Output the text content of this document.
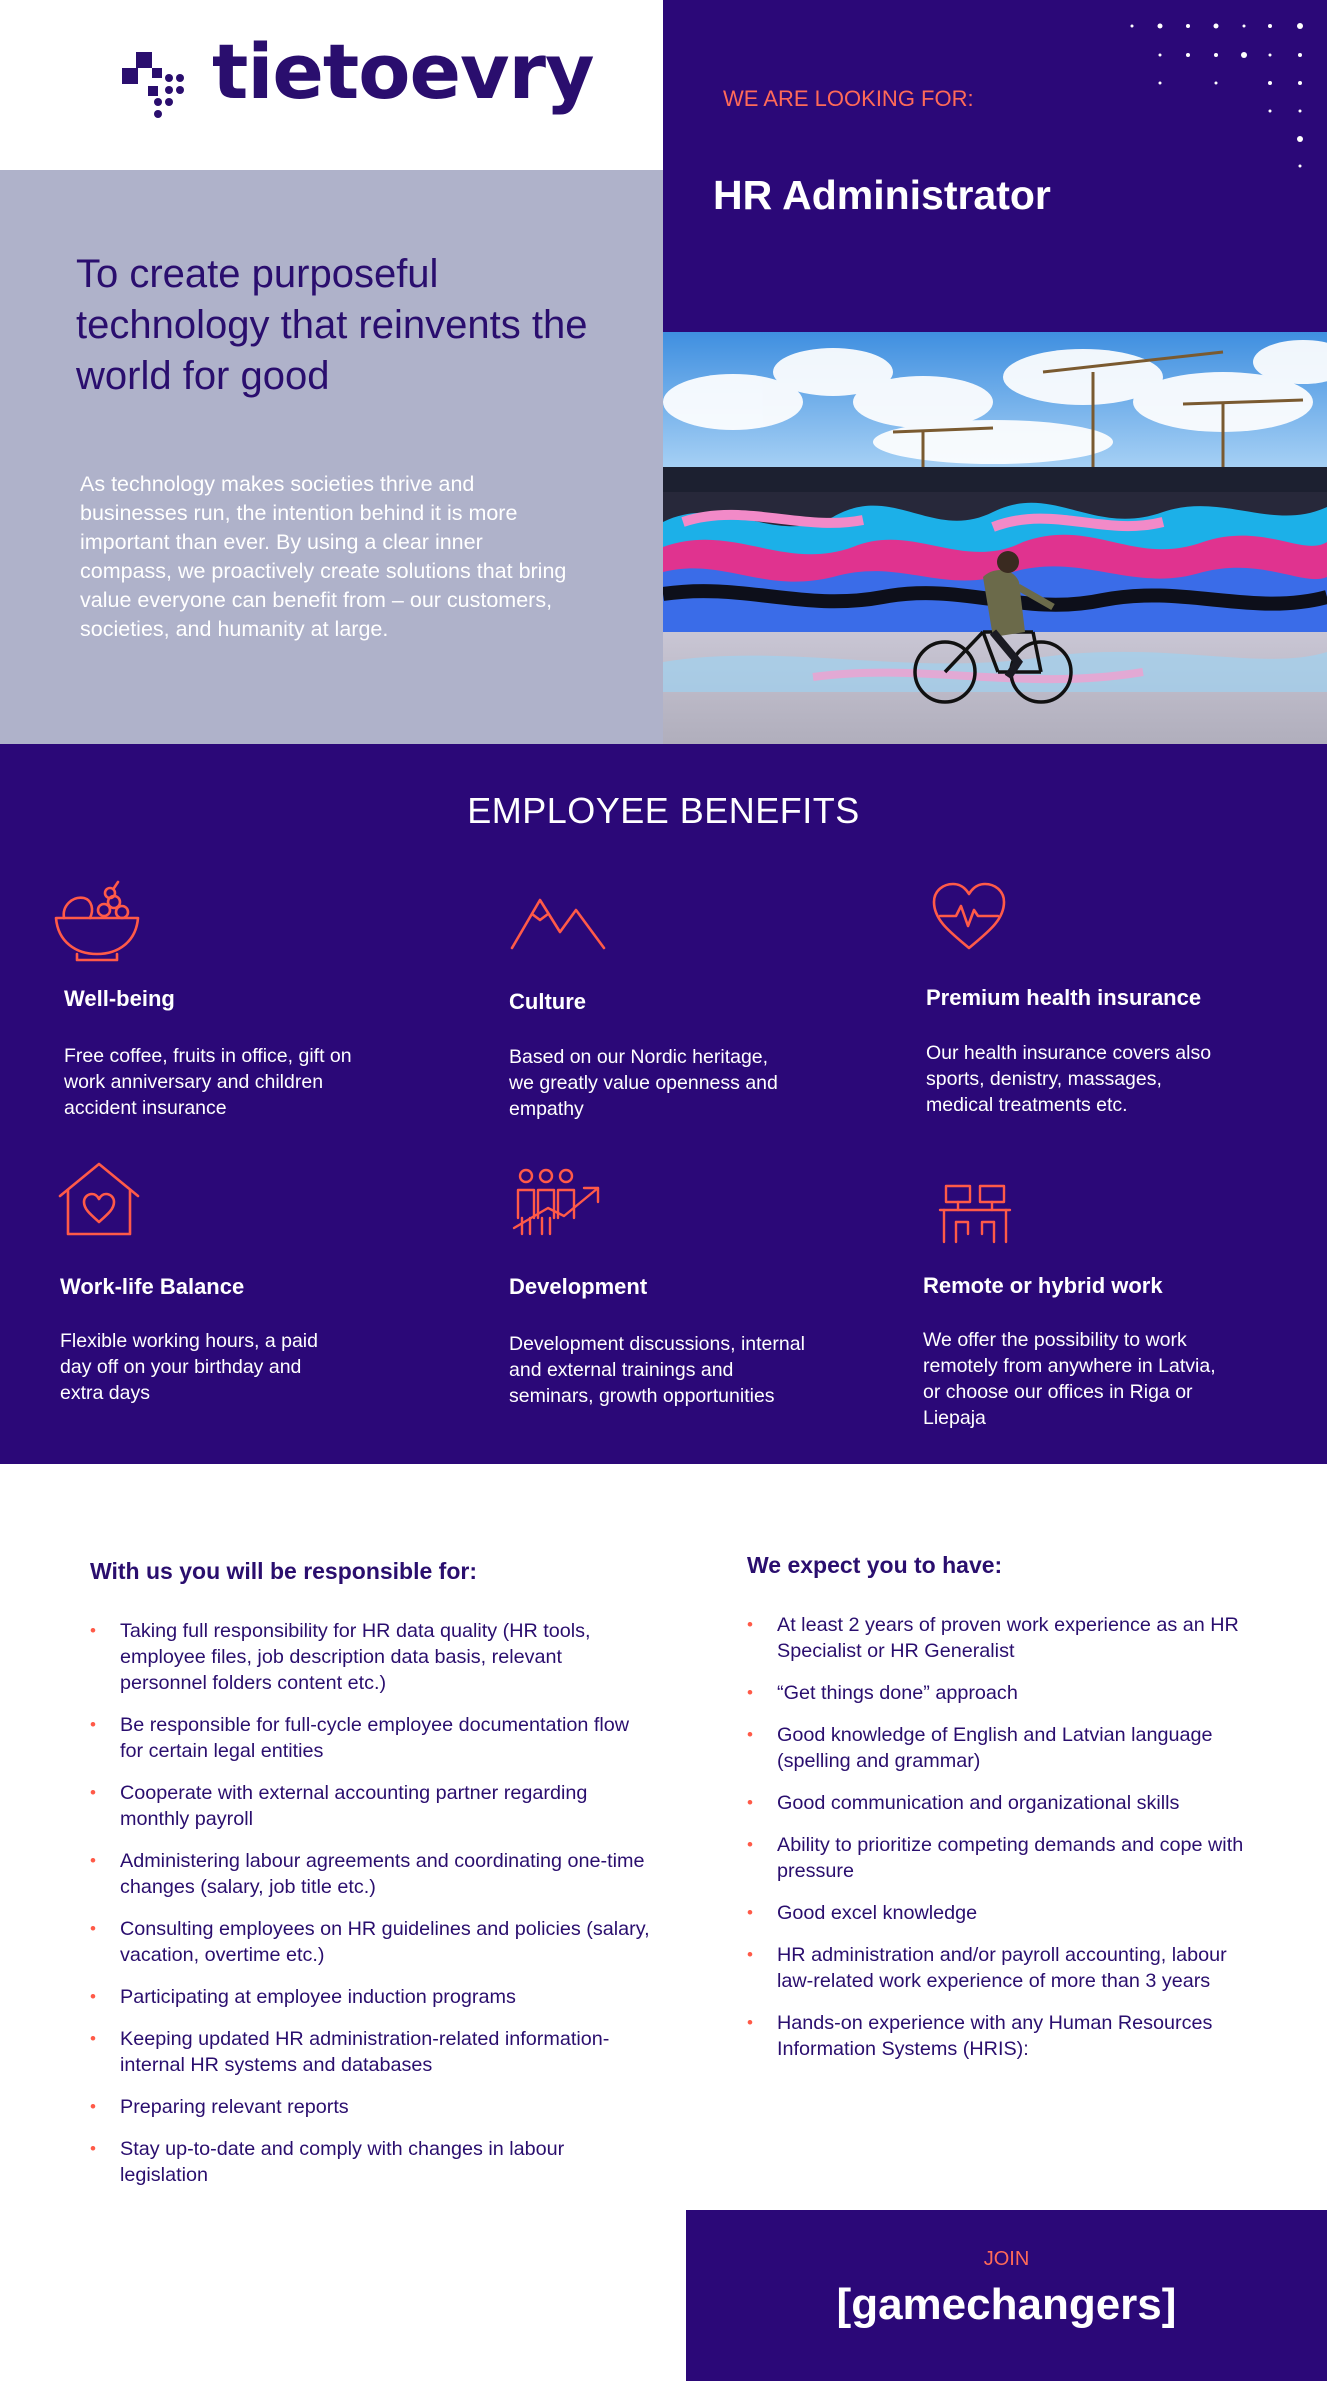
tietoevry	WE ARE LOOKING FOR:
HR Administrator
To create purposeful technology that reinvents the world for good
As technology makes societies thrive and businesses run, the intention behind it is more important than ever. By using a clear inner compass, we proactively create solutions that bring value everyone can benefit from – our customers, societies, and humanity at large.
EMPLOYEE BENEFITS
Well-being
Free coffee, fruits in office, gift on work anniversary and children accident insurance
Culture
Based on our Nordic heritage, we greatly value openness and empathy
Premium health insurance
Our health insurance covers also sports, denistry, massages, medical treatments etc.
Work-life Balance
Flexible working hours, a paid day off on your birthday and extra days
Development
Development discussions, internal and external trainings and seminars, growth opportunities
Remote or hybrid work
We offer the possibility to work remotely from anywhere in Latvia, or choose our offices in Riga or Liepaja
With us you will be responsible for:
• Taking full responsibility for HR data quality (HR tools, employee files, job description data basis, relevant personnel folders content etc.)
• Be responsible for full-cycle employee documentation flow for certain legal entities
• Cooperate with external accounting partner regarding monthly payroll
• Administering labour agreements and coordinating one-time changes (salary, job title etc.)
• Consulting employees on HR guidelines and policies (salary, vacation, overtime etc.)
• Participating at employee induction programs
• Keeping updated HR administration-related information- internal HR systems and databases
• Preparing relevant reports
• Stay up-to-date and comply with changes in labour legislation
We expect you to have:
• At least 2 years of proven work experience as an HR Specialist or HR Generalist
• “Get things done” approach
• Good knowledge of English and Latvian language (spelling and grammar)
• Good communication and organizational skills
• Ability to prioritize competing demands and cope with pressure
• Good excel knowledge
• HR administration and/or payroll accounting, labour law-related work experience of more than 3 years
• Hands-on experience with any Human Resources Information Systems (HRIS):
JOIN
[gamechangers]
